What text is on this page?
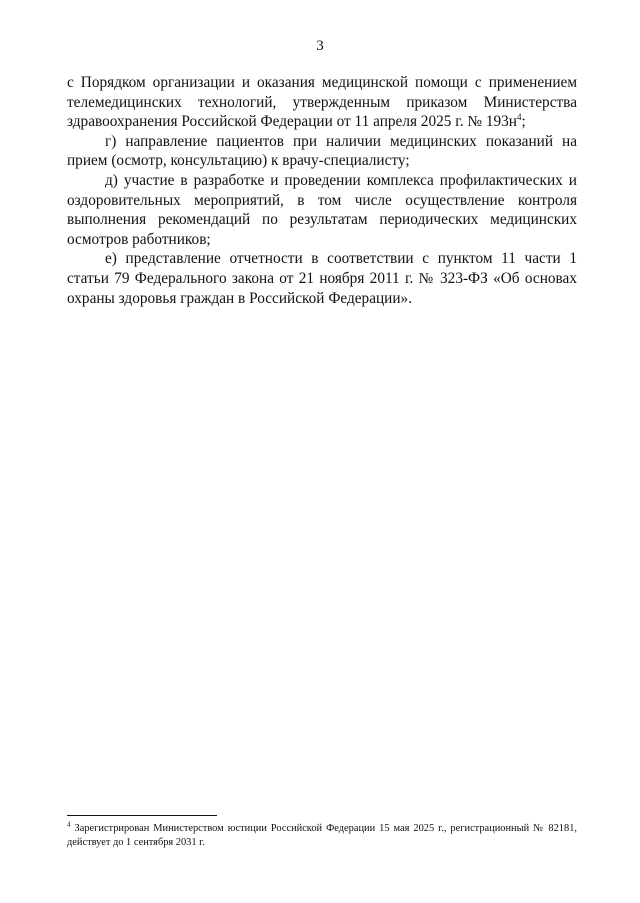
3

с Порядком организации и оказания медицинской помощи с применением телемедицинских технологий, утвержденным приказом Министерства здравоохранения Российской Федерации от 11 апреля 2025 г. № $193н^4$;

г) направление пациентов при наличии медицинских показаний на прием (осмотр, консультацию) к врачу-специалисту;

д) участие в разработке и проведении комплекса профилактических и оздоровительных мероприятий, в том числе осуществление контроля выполнения рекомендаций по результатам периодических медицинских осмотров работников;

е) представление отчетности в соответствии с пунктом 11 части 1 статьи 79 Федерального закона от 21 ноября 2011 г. № 323-ФЗ «Об основах охраны здоровья граждан в Российской Федерации».

$^4$ Зарегистрирован Министерством юстиции Российской Федерации 15 мая 2025 г., регистрационный № 82181, действует до 1 сентября 2031 г.
